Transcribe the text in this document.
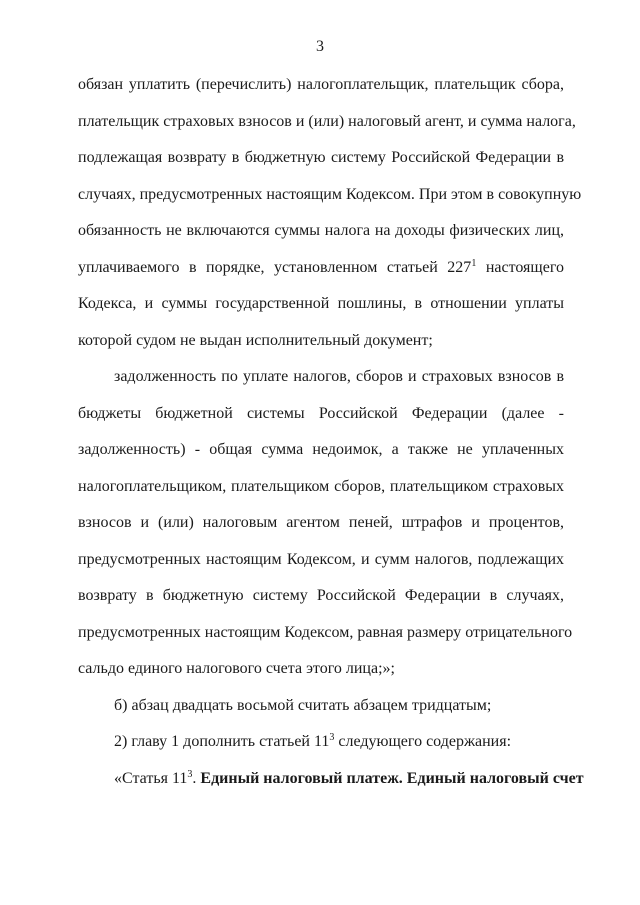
3
обязан уплатить (перечислить) налогоплательщик, плательщик сбора,
плательщик страховых взносов и (или) налоговый агент, и сумма налога,
подлежащая возврату в бюджетную систему Российской Федерации в
случаях, предусмотренных настоящим Кодексом. При этом в совокупную
обязанность не включаются суммы налога на доходы физических лиц,
уплачиваемого в порядке, установленном статьей $227^1$ настоящего
Кодекса, и суммы государственной пошлины, в отношении уплаты
которой судом не выдан исполнительный документ;
задолженность по уплате налогов, сборов и страховых взносов в
бюджеты бюджетной системы Российской Федерации (далее -
задолженность) - общая сумма недоимок, а также не уплаченных
налогоплательщиком, плательщиком сборов, плательщиком страховых
взносов и (или) налоговым агентом пеней, штрафов и процентов,
предусмотренных настоящим Кодексом, и сумм налогов, подлежащих
возврату в бюджетную систему Российской Федерации в случаях,
предусмотренных настоящим Кодексом, равная размеру отрицательного
сальдо единого налогового счета этого лица;»;
б) абзац двадцать восьмой считать абзацем тридцатым;
2) главу 1 дополнить статьей $11^3$ следующего содержания:
«Статья $11^3$. Единый налоговый платеж. Единый налоговый счет
